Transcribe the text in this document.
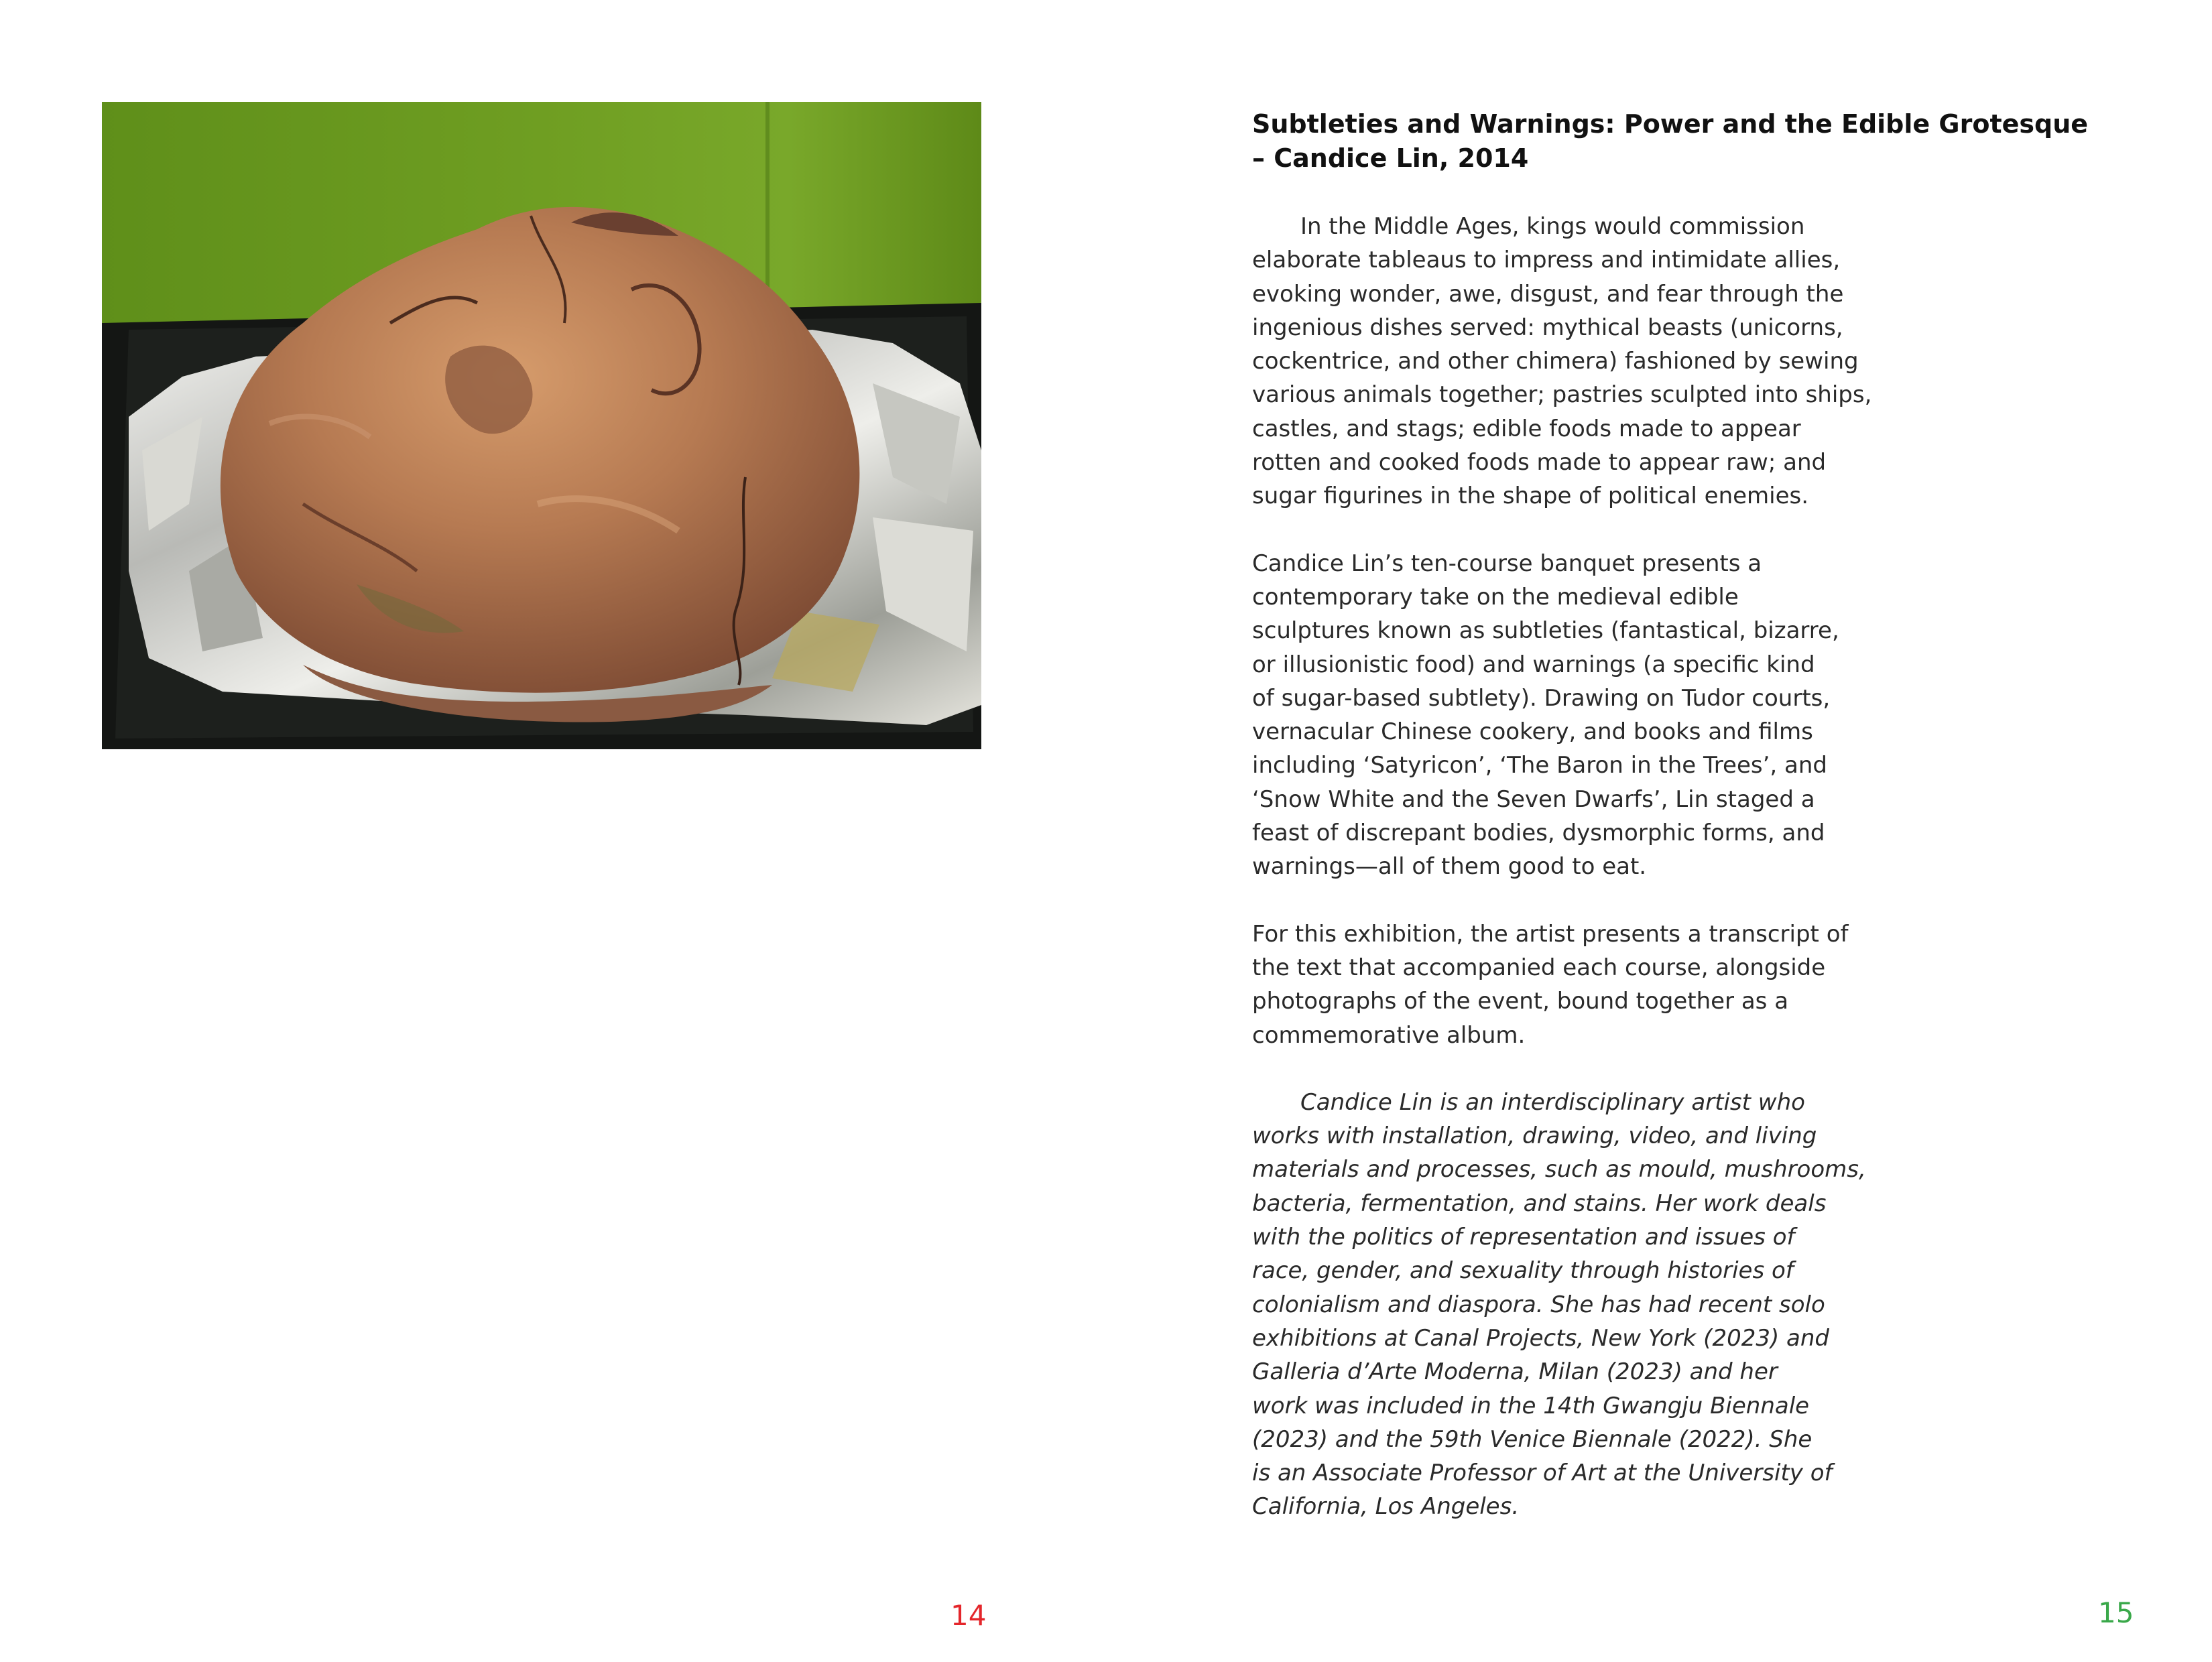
Subtleties and Warnings: Power and the Edible Grotesque
– Candice Lin, 2014

In the Middle Ages, kings would commission
elaborate tableaus to impress and intimidate allies,
evoking wonder, awe, disgust, and fear through the
ingenious dishes served: mythical beasts (unicorns,
cockentrice, and other chimera) fashioned by sewing
various animals together; pastries sculpted into ships,
castles, and stags; edible foods made to appear
rotten and cooked foods made to appear raw; and
sugar figurines in the shape of political enemies.

Candice Lin’s ten-course banquet presents a
contemporary take on the medieval edible
sculptures known as subtleties (fantastical, bizarre,
or illusionistic food) and warnings (a specific kind
of sugar-based subtlety). Drawing on Tudor courts,
vernacular Chinese cookery, and books and films
including ‘Satyricon’, ‘The Baron in the Trees’, and
‘Snow White and the Seven Dwarfs’, Lin staged a
feast of discrepant bodies, dysmorphic forms, and
warnings—all of them good to eat.

For this exhibition, the artist presents a transcript of
the text that accompanied each course, alongside
photographs of the event, bound together as a
commemorative album.

Candice Lin is an interdisciplinary artist who
works with installation, drawing, video, and living
materials and processes, such as mould, mushrooms,
bacteria, fermentation, and stains. Her work deals
with the politics of representation and issues of
race, gender, and sexuality through histories of
colonialism and diaspora. She has had recent solo
exhibitions at Canal Projects, New York (2023) and
Galleria d’Arte Moderna, Milan (2023) and her
work was included in the 14th Gwangju Biennale
(2023) and the 59th Venice Biennale (2022). She
is an Associate Professor of Art at the University of
California, Los Angeles.

14	15
